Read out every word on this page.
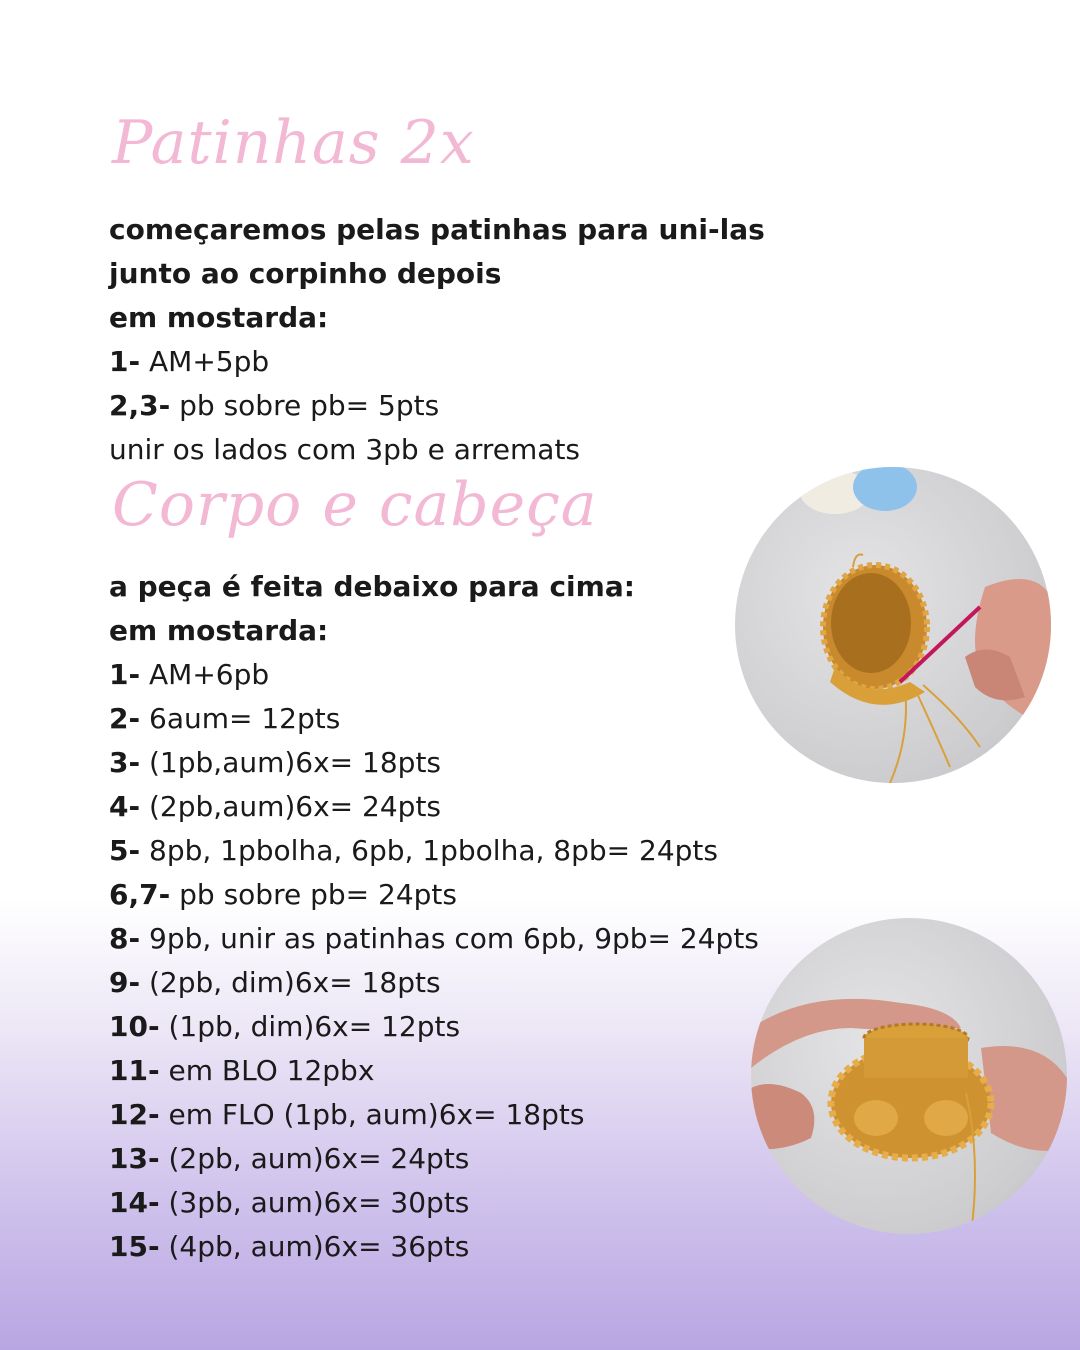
Patinhas 2x
começaremos pelas patinhas para uni-las
junto ao corpinho depois
em mostarda:
1- AM+5pb
2,3- pb sobre pb= 5pts
unir os lados com 3pb e arremats
Corpo e cabeça
a peça é feita debaixo para cima:
em mostarda:
1- AM+6pb
2- 6aum= 12pts
3- (1pb,aum)6x= 18pts
4- (2pb,aum)6x= 24pts
5- 8pb, 1pbolha, 6pb, 1pbolha, 8pb= 24pts
6,7- pb sobre pb= 24pts
8- 9pb, unir as patinhas com 6pb, 9pb= 24pts
9- (2pb, dim)6x= 18pts
10- (1pb, dim)6x= 12pts
11- em BLO 12pbx
12- em FLO (1pb, aum)6x= 18pts
13- (2pb, aum)6x= 24pts
14- (3pb, aum)6x= 30pts
15- (4pb, aum)6x= 36pts
